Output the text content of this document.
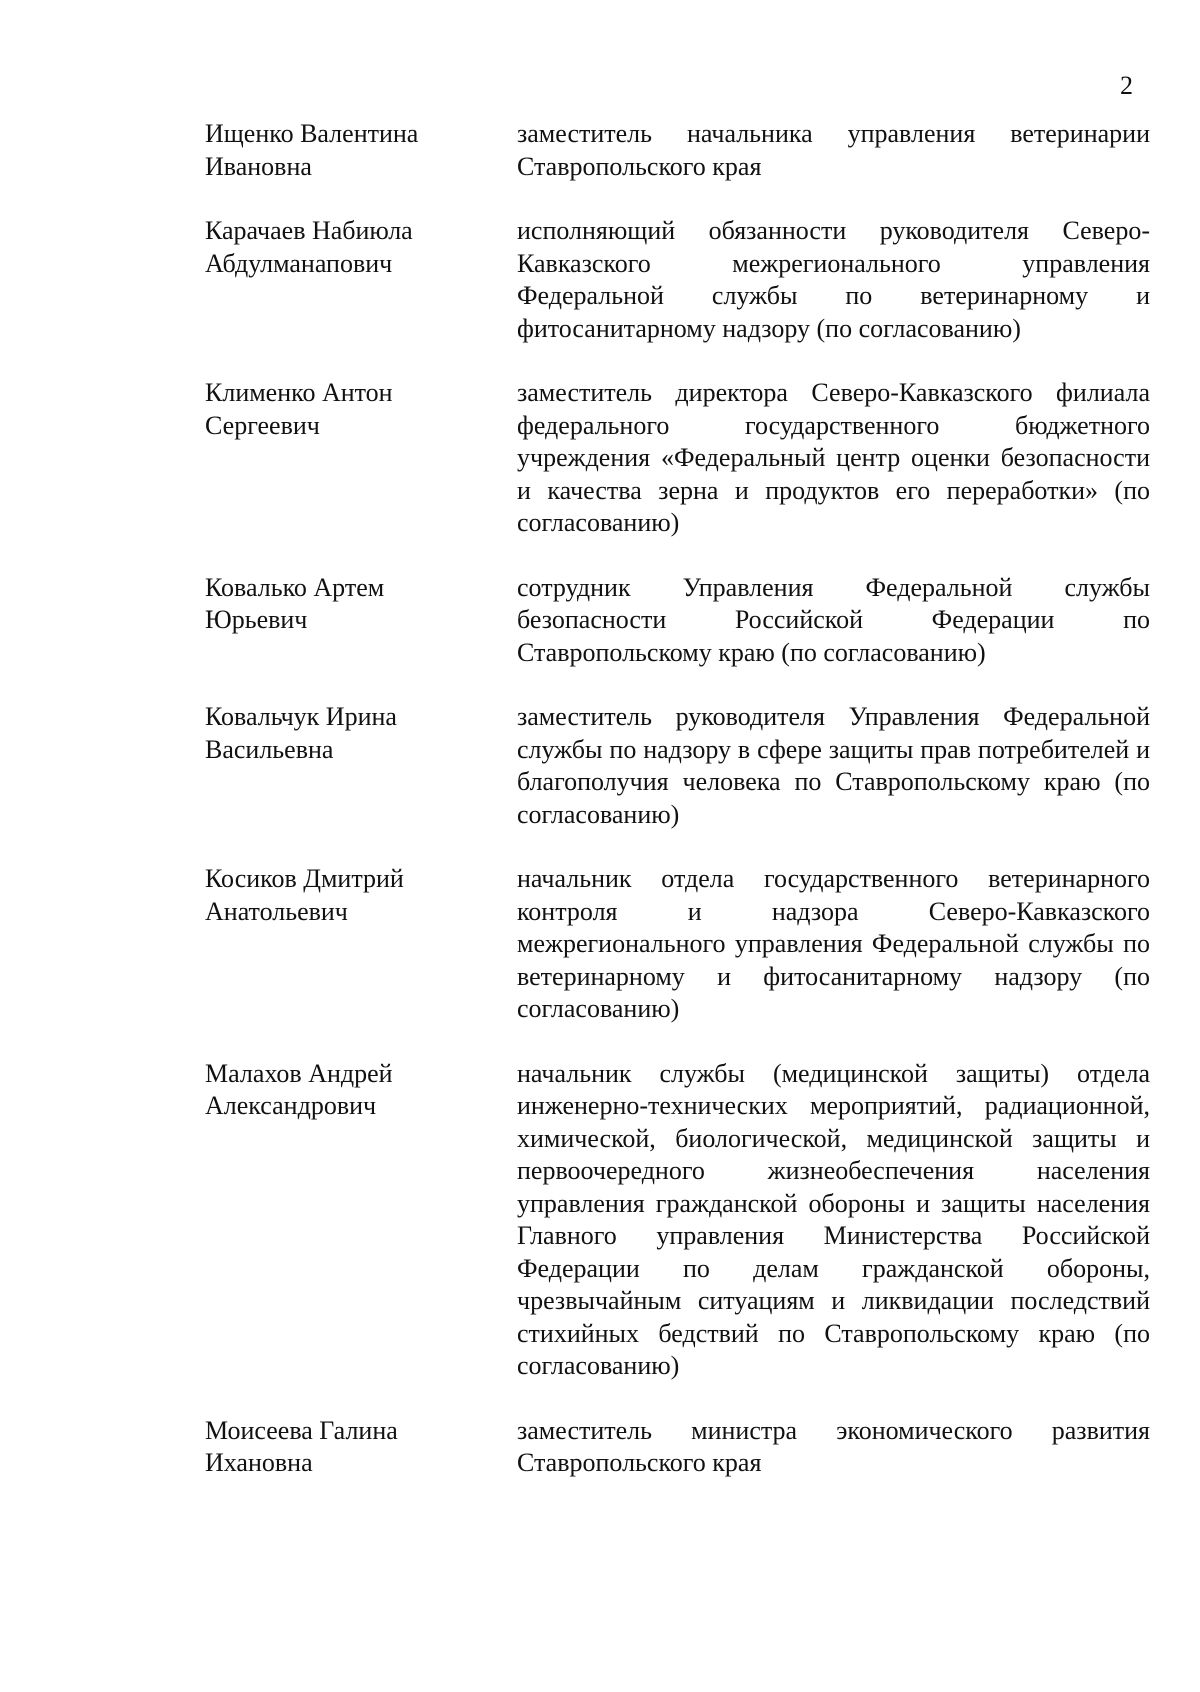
2
Ищенко Валентина
Ивановна
заместитель начальника управления ветеринарии Ставропольского края
Карачаев Набиюла
Абдулманапович
исполняющий обязанности руководителя Северо-Кавказского межрегионального управления Федеральной службы по ветеринарному и фитосанитарному надзору (по согласованию)
Клименко Антон
Сергеевич
заместитель директора Северо-Кавказского филиала федерального государственного бюджетного учреждения «Федеральный центр оценки безопасности и качества зерна и продуктов его переработки» (по согласованию)
Ковалько Артем
Юрьевич
сотрудник Управления Федеральной службы безопасности Российской Федерации по Ставропольскому краю (по согласованию)
Ковальчук Ирина
Васильевна
заместитель руководителя Управления Федеральной службы по надзору в сфере защиты прав потребителей и благополучия человека по Ставропольскому краю (по согласованию)
Косиков Дмитрий
Анатольевич
начальник отдела государственного ветеринарного контроля и надзора Северо-Кавказского межрегионального управления Федеральной службы по ветеринарному и фитосанитарному надзору (по согласованию)
Малахов Андрей
Александрович
начальник службы (медицинской защиты) отдела инженерно-технических мероприятий, радиационной, химической, биологической, медицинской защиты и первоочередного жизнеобеспечения населения управления гражданской обороны и защиты населения Главного управления Министерства Российской Федерации по делам гражданской обороны, чрезвычайным ситуациям и ликвидации последствий стихийных бедствий по Ставропольскому краю (по согласованию)
Моисеева Галина
Ихановна
заместитель министра экономического развития Ставропольского края
